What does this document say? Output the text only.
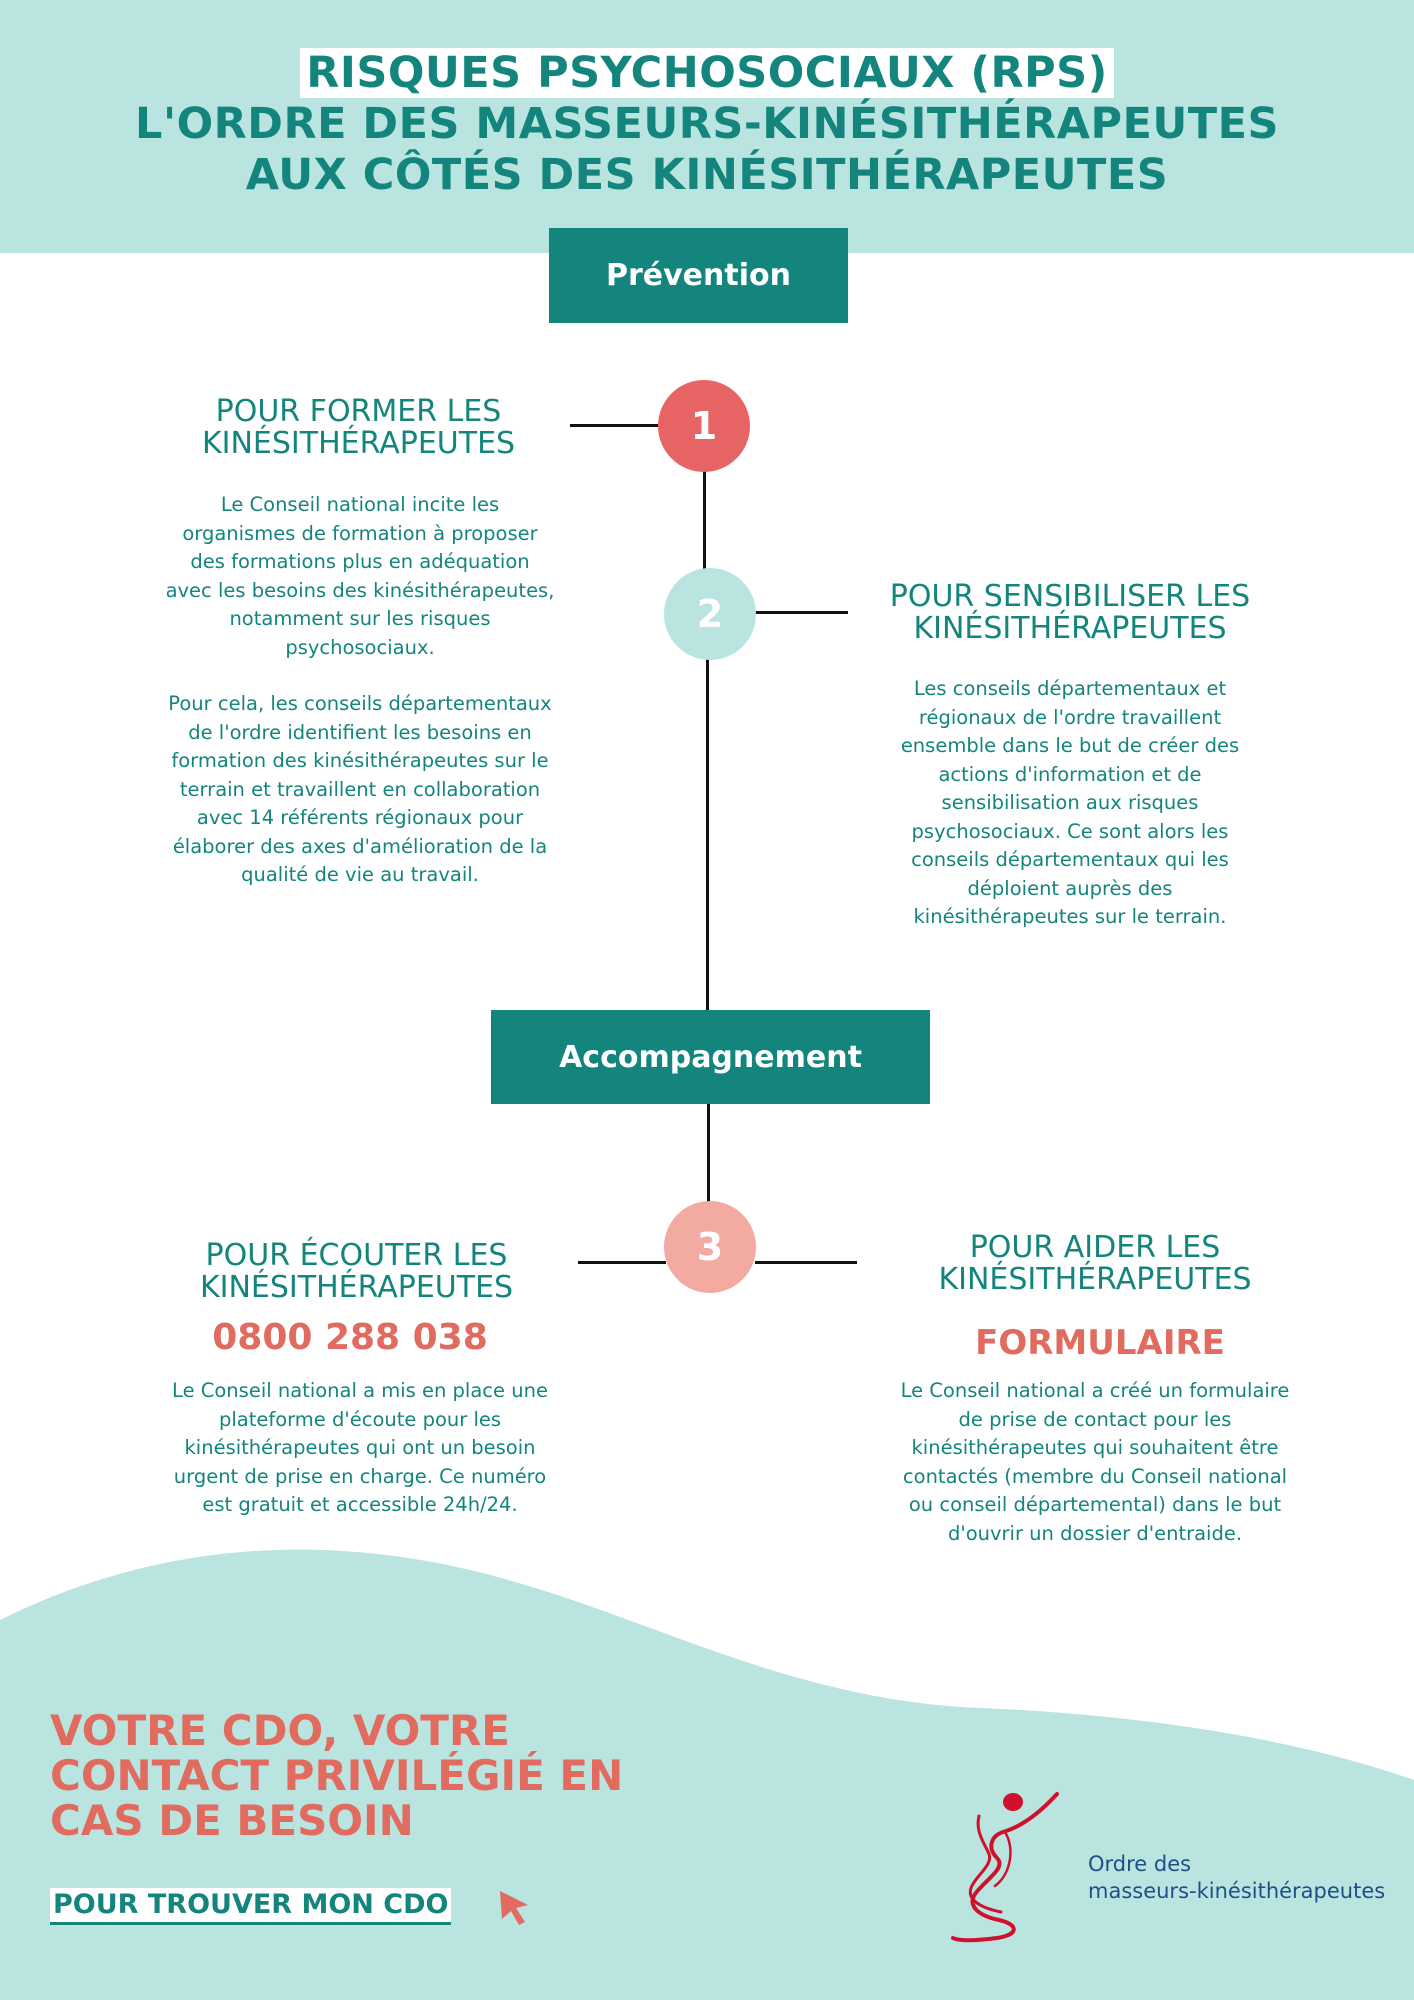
RISQUES PSYCHOSOCIAUX (RPS)
L'ORDRE DES MASSEURS-KINÉSITHÉRAPEUTES
AUX CÔTÉS DES KINÉSITHÉRAPEUTES
Prévention
1
2
3
POUR FORMER LES
KINÉSITHÉRAPEUTES
Le Conseil national incite les
organismes de formation à proposer
des formations plus en adéquation
avec les besoins des kinésithérapeutes,
notamment sur les risques
psychosociaux.
Pour cela, les conseils départementaux
de l'ordre identifient les besoins en
formation des kinésithérapeutes sur le
terrain et travaillent en collaboration
avec 14 référents régionaux pour
élaborer des axes d'amélioration de la
qualité de vie au travail.
POUR SENSIBILISER LES
KINÉSITHÉRAPEUTES
Les conseils départementaux et
régionaux de l'ordre travaillent
ensemble dans le but de créer des
actions d'information et de
sensibilisation aux risques
psychosociaux. Ce sont alors les
conseils départementaux qui les
déploient auprès des
kinésithérapeutes sur le terrain.
Accompagnement
POUR ÉCOUTER LES
KINÉSITHÉRAPEUTES
0800 288 038
Le Conseil national a mis en place une
plateforme d'écoute pour les
kinésithérapeutes qui ont un besoin
urgent de prise en charge. Ce numéro
est gratuit et accessible 24h/24.
POUR AIDER LES
KINÉSITHÉRAPEUTES
FORMULAIRE
Le Conseil national a créé un formulaire
de prise de contact pour les
kinésithérapeutes qui souhaitent être
contactés (membre du Conseil national
ou conseil départemental) dans le but
d'ouvrir un dossier d'entraide.
VOTRE CDO, VOTRE
CONTACT PRIVILÉGIÉ EN
CAS DE BESOIN
POUR TROUVER MON CDO
Ordre des
masseurs-kinésithérapeutes
